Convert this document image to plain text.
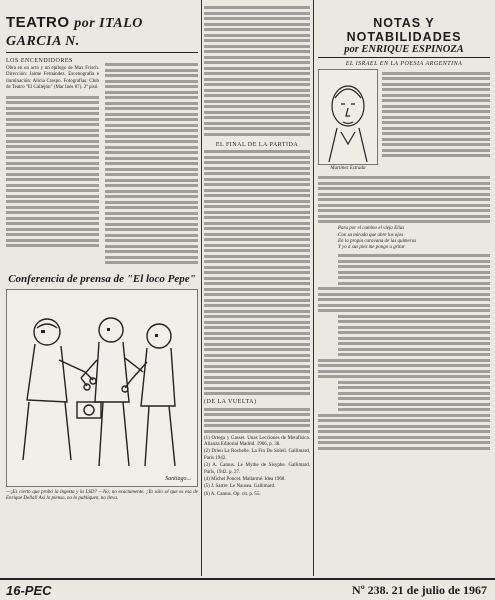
TEATRO por ITALO GARCIA N.
LOS ENCENDIDORES
Obra en un acto y un epílogo de Max Frisch. Dirección: Jaime Fernández. Escenografía e iluminación: Alicia Crespo. Fotografías: Club de Teatro "El Callejón" (Mar Inés 87). 2ª pisó.
Conferencia de prensa de "El loco Pepe"
Santiago...
—¡Es cierto que probó la ingesta y la LSD? —No, no exactamente. ¡Yo sólo sé que es esa de Enrique Dellal! Así lo pienso, no lo publiquen, no lleva.
EL FINAL DE LA PARTIDA
(DE LA VUELTA)
(1) Ortega y Gasset. Unas Lecciones de Metafísica. Alianza Editorial Madrid. 1966, p. 38.
(2) Drieu La Rochelle. La Fin Du Soleil. Gallimard, Paris 1942.
(3) A. Camus. Le Mythe de Sisyphe. Gallimard. París, 1942. p. 27.
(4) Michel Poncet. Mallarmé. Idea 1968.
(5) J. Sartre. Le Nausea. Gallimard.
(6) A. Camus. Op. cit. p. 55.
NOTAS Y NOTABILIDADES
por ENRIQUE ESPINOZA
EL ISRAEL EN LA POESIA ARGENTINA
Martínez Estrada
Para por el camino el viejo Elías
Con su mirada que abre los ojos
En la propia caravana de las quimeras
Y yo a sus pies me pongo a gritar
16-PEC	Nº 238. 21 de julio de 1967
